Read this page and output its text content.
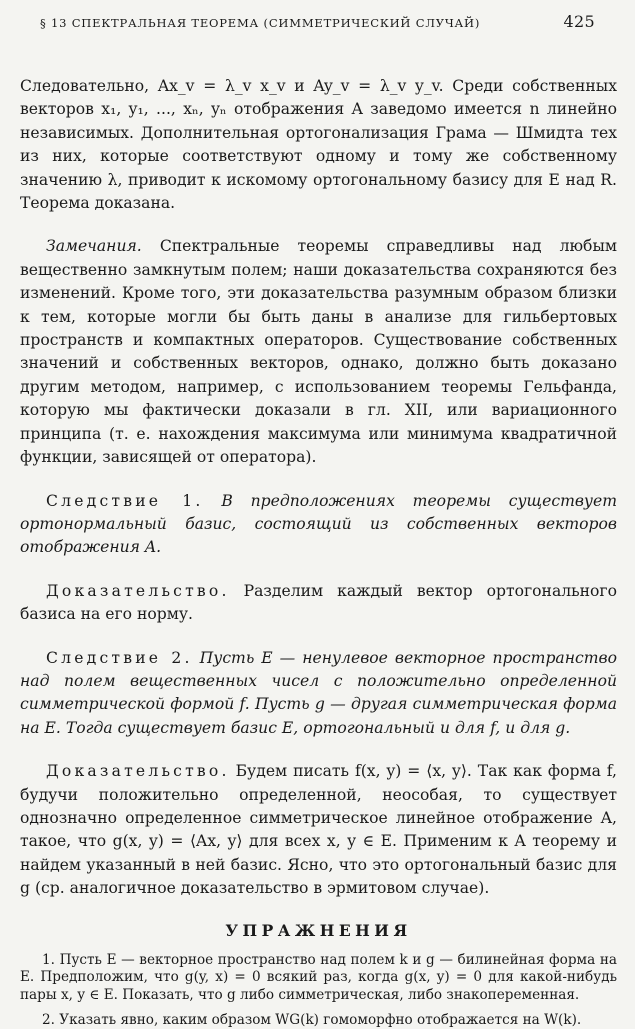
§ 13 СПЕКТРАЛЬНАЯ ТЕОРЕМА (СИММЕТРИЧЕСКИЙ СЛУЧАЙ)	425

Следовательно, Ax_v = λ_v x_v и Ay_v = λ_v y_v. Среди собственных векторов x₁, y₁, ..., xₙ, yₙ отображения A заведомо имеется n линейно независимых. Дополнительная ортогонализация Грама — Шмидта тех из них, которые соответствуют одному и тому же собственному значению λ, приводит к искомому ортогональному базису для E над R. Теорема доказана.

Замечания. Спектральные теоремы справедливы над любым вещественно замкнутым полем; наши доказательства сохраняются без изменений. Кроме того, эти доказательства разумным образом близки к тем, которые могли бы быть даны в анализе для гильбертовых пространств и компактных операторов. Существование собственных значений и собственных векторов, однако, должно быть доказано другим методом, например, с использованием теоремы Гельфанда, которую мы фактически доказали в гл. XII, или вариационного принципа (т. е. нахождения максимума или минимума квадратичной функции, зависящей от оператора).

Следствие 1. В предположениях теоремы существует ортонормальный базис, состоящий из собственных векторов отображения A.

Доказательство. Разделим каждый вектор ортогонального базиса на его норму.

Следствие 2. Пусть E — ненулевое векторное пространство над полем вещественных чисел с положительно определенной симметрической формой f. Пусть g — другая симметрическая форма на E. Тогда существует базис E, ортогональный и для f, и для g.

Доказательство. Будем писать f(x, y) = ⟨x, y⟩. Так как форма f, будучи положительно определенной, неособая, то существует однозначно определенное симметрическое линейное отображение A, такое, что g(x, y) = ⟨Ax, y⟩ для всех x, y ∈ E. Применим к A теорему и найдем указанный в ней базис. Ясно, что это ортогональный базис для g (ср. аналогичное доказательство в эрмитовом случае).

УПРАЖНЕНИЯ

1. Пусть E — векторное пространство над полем k и g — билинейная форма на E. Предположим, что g(y, x) = 0 всякий раз, когда g(x, y) = 0 для какой-нибудь пары x, y ∈ E. Показать, что g либо симметрическая, либо знакопеременная.

2. Указать явно, каким образом WG(k) гомоморфно отображается на W(k).
